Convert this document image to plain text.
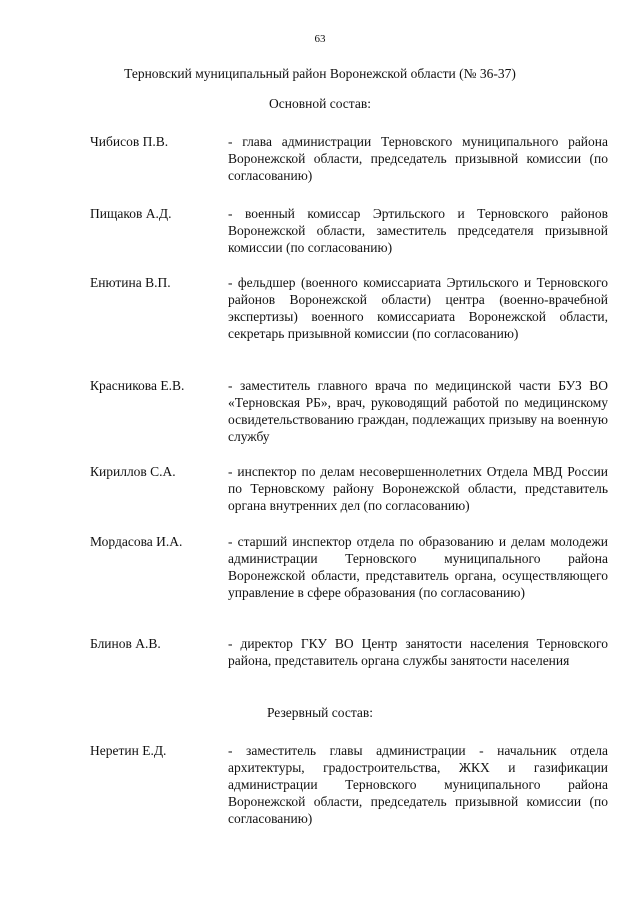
63
Терновский муниципальный район Воронежской области (№ 36-37)
Основной состав:
Чибисов П.В.	- глава администрации Терновского муниципального района Воронежской области, председатель призывной комиссии (по согласованию)
Пищаков А.Д.	- военный комиссар Эртильского и Терновского районов Воронежской области, заместитель председателя призывной комиссии (по согласованию)
Енютина В.П.	- фельдшер (военного комиссариата Эртильского и Терновского районов Воронежской области) центра (военно-врачебной экспертизы) военного комиссариата Воронежской области, секретарь призывной комиссии (по согласованию)
Красникова Е.В.	- заместитель главного врача по медицинской части БУЗ ВО «Терновская РБ», врач, руководящий работой по медицинскому освидетельствованию граждан, подлежащих призыву на военную службу
Кириллов С.А.	- инспектор по делам несовершеннолетних Отдела МВД России по Терновскому району Воронежской области, представитель органа внутренних дел (по согласованию)
Мордасова И.А.	- старший инспектор отдела по образованию и делам молодежи администрации Терновского муниципального района Воронежской области, представитель органа, осуществляющего управление в сфере образования (по согласованию)
Блинов А.В.	- директор ГКУ ВО Центр занятости населения Терновского района, представитель органа службы занятости населения
Резервный состав:
Неретин Е.Д.	- заместитель главы администрации - начальник отдела архитектуры, градостроительства, ЖКХ и газификации администрации Терновского муниципального района Воронежской области, председатель призывной комиссии (по согласованию)
